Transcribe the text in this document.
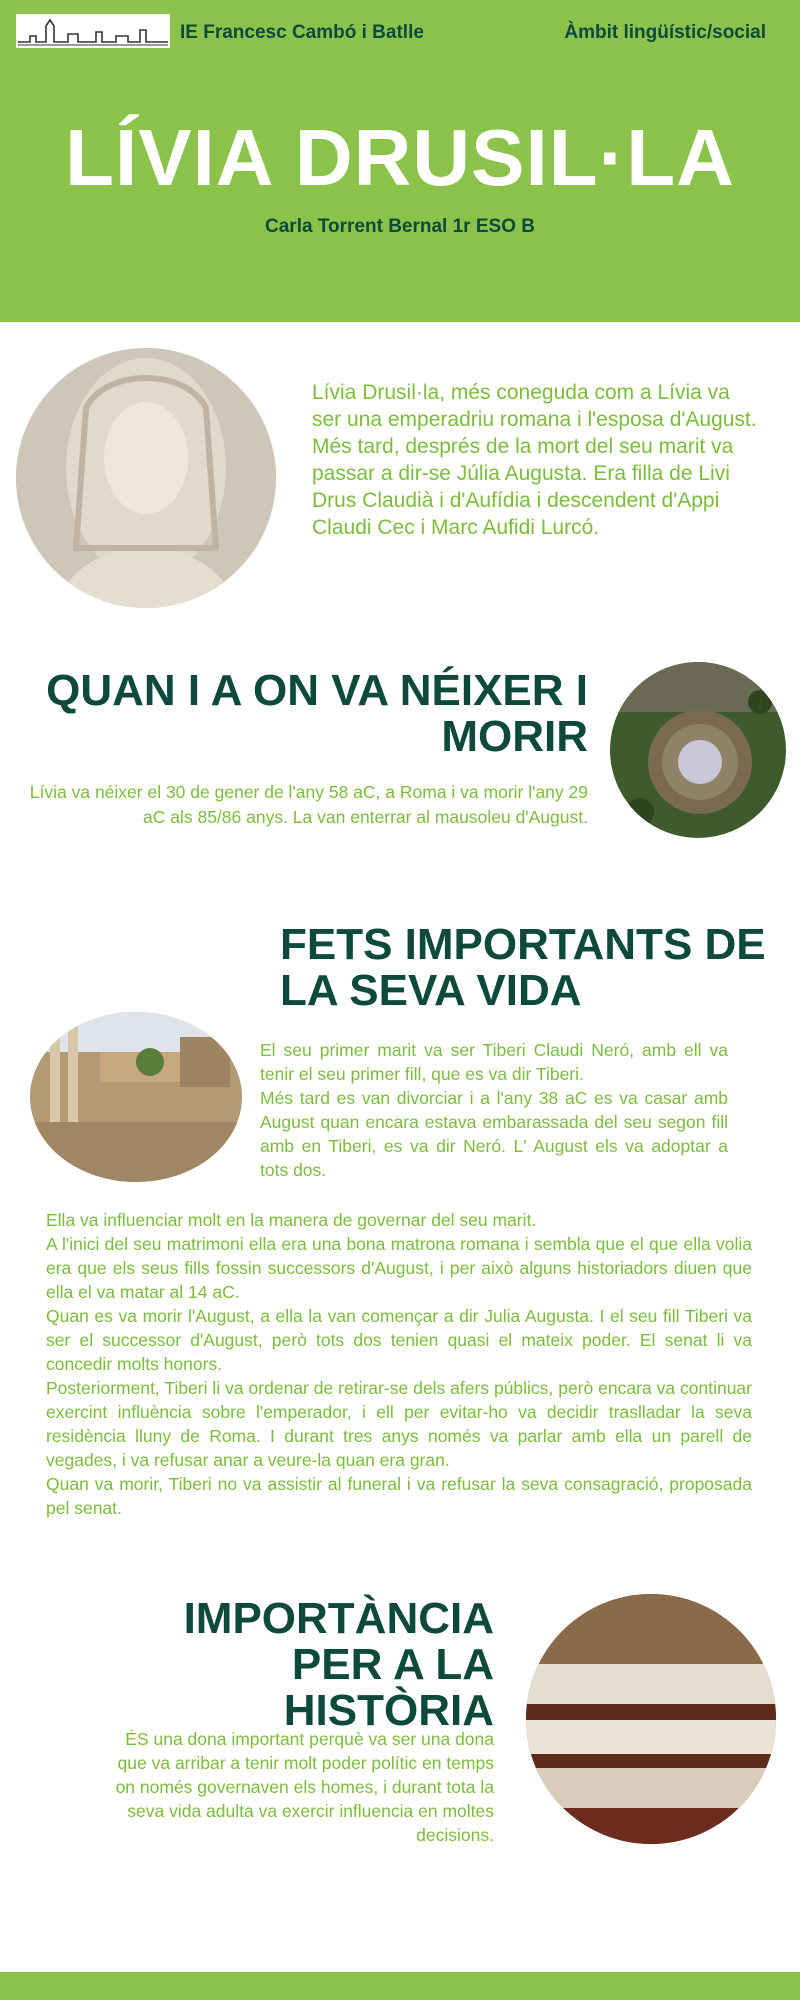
IE Francesc Cambó i Batlle	Àmbit lingüístic/social
LÍVIA DRUSIL·LA
Carla Torrent Bernal 1r ESO B
Lívia Drusil·la, més coneguda com a Lívia va ser una emperadriu romana i l'esposa d'August. Més tard, després de la mort del seu marit va passar a dir-se Júlia Augusta. Era filla de Livi Drus Claudià i d'Aufídia i descendent d'Appi Claudi Cec i Marc Aufidi Lurcó.
QUAN I A ON VA NÉIXER I MORIR
Lívia va néixer el 30 de gener de l'any 58 aC, a Roma i va morir l'any 29 aC als 85/86 anys. La van enterrar al mausoleu d'August.
FETS IMPORTANTS DE LA SEVA VIDA
El seu primer marit va ser Tiberi Claudi Neró, amb ell va tenir el seu primer fill, que es va dir Tiberi.
Més tard es van divorciar i a l'any 38 aC es va casar amb August quan encara estava embarassada del seu segon fill amb en Tiberi, es va dir Neró. L' August els va adoptar a tots dos.
Ella va influenciar molt en la manera de governar del seu marit.
A l'inici del seu matrimoni ella era una bona matrona romana i sembla que el que ella volia era que els seus fills fossin successors d'August, i per això alguns historiadors diuen que ella el va matar al 14 aC.
Quan es va morir l'August, a ella la van començar a dir Julia Augusta. I el seu fill Tiberi va ser el successor d'August, però tots dos tenien quasi el mateix poder. El senat li va concedir molts honors.
Posteriorment, Tiberi li va ordenar de retirar-se dels afers públics, però encara va continuar exercint influència sobre l'emperador, i ell per evitar-ho va decidir traslladar la seva residència lluny de Roma. I durant tres anys només va parlar amb ella un parell de vegades, i va refusar anar a veure-la quan era gran.
Quan va morir, Tiberi no va assistir al funeral i va refusar la seva consagració, proposada pel senat.
IMPORTÀNCIA PER A LA HISTÒRIA
ÉS una dona important perquè va ser una dona que va arribar a tenir molt poder polític en temps on només governaven els homes, i durant tota la seva vida adulta va exercir influencia en moltes decisions.
